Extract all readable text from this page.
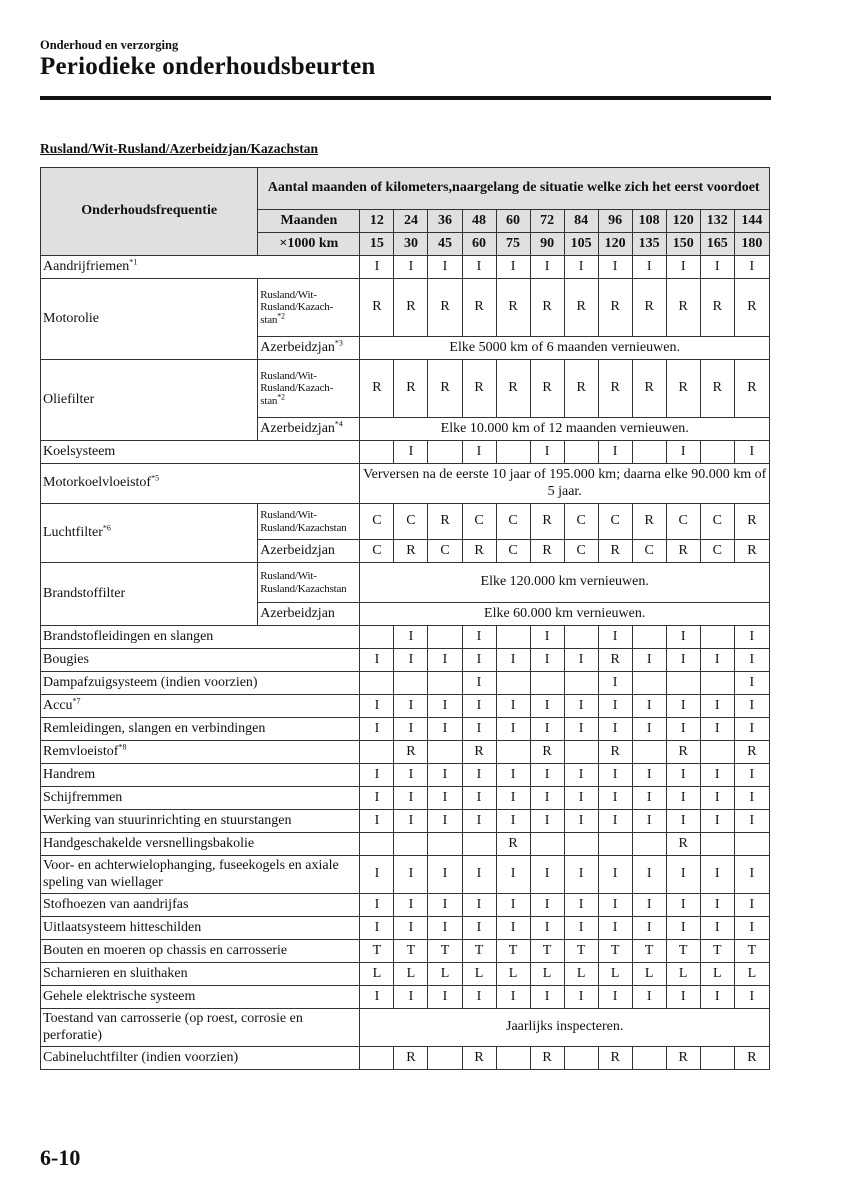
Onderhoud en verzorging
Periodieke onderhoudsbeurten
Rusland/Wit-Rusland/Azerbeidzjan/Kazachstan
Onderhoudsfrequentie	Aantal maanden of kilometers,naargelang de situatie welke zich het eerst voordoet												
	Maanden	12	24	36	48	60	72	84	96	108	120	132	144
	×1000 km	15	30	45	60	75	90	105	120	135	150	165	180
Aandrijfriemen$^{*1}$		I	I	I	I	I	I	I	I	I	I	I	I
Motorolie	Rusland/Wit-Rusland/Kazach-stan$^{*2}$	R	R	R	R	R	R	R	R	R	R	R	R
	Azerbeidzjan$^{*3}$	Elke 5000 km of 6 maanden vernieuwen.											
Oliefilter	Rusland/Wit-Rusland/Kazach-stan$^{*2}$	R	R	R	R	R	R	R	R	R	R	R	R
	Azerbeidzjan$^{*4}$	Elke 10.000 km of 12 maanden vernieuwen.											
Koelsysteem			I		I		I		I		I		I
Motorkoelvloeistof$^{*5}$		Verversen na de eerste 10 jaar of 195.000 km; daarna elke 90.000 km of 5 jaar.											
Luchtfilter$^{*6}$	Rusland/Wit-Rusland/Kazachstan	C	C	R	C	C	R	C	C	R	C	C	R
	Azerbeidzjan	C	R	C	R	C	R	C	R	C	R	C	R
Brandstoffilter	Rusland/Wit-Rusland/Kazachstan	Elke 120.000 km vernieuwen.											
	Azerbeidzjan	Elke 60.000 km vernieuwen.											
Brandstofleidingen en slangen			I		I		I		I		I		I
Bougies		I	I	I	I	I	I	I	R	I	I	I	I
Dampafzuigsysteem (indien voorzien)					I				I				I
Accu$^{*7}$		I	I	I	I	I	I	I	I	I	I	I	I
Remleidingen, slangen en verbindingen		I	I	I	I	I	I	I	I	I	I	I	I
Remvloeistof$^{*8}$			R		R		R		R		R		R
Handrem		I	I	I	I	I	I	I	I	I	I	I	I
Schijfremmen		I	I	I	I	I	I	I	I	I	I	I	I
Werking van stuurinrichting en stuurstangen		I	I	I	I	I	I	I	I	I	I	I	I
Handgeschakelde versnellingsbakolie						R					R		
Voor- en achterwielophanging, fuseekogels en axiale speling van wiellager		I	I	I	I	I	I	I	I	I	I	I	I
Stofhoezen van aandrijfas		I	I	I	I	I	I	I	I	I	I	I	I
Uitlaatsysteem hitteschilden		I	I	I	I	I	I	I	I	I	I	I	I
Bouten en moeren op chassis en carrosserie		T	T	T	T	T	T	T	T	T	T	T	T
Scharnieren en sluithaken		L	L	L	L	L	L	L	L	L	L	L	L
Gehele elektrische systeem		I	I	I	I	I	I	I	I	I	I	I	I
Toestand van carrosserie (op roest, corrosie en perforatie)		Jaarlijks inspecteren.											
Cabineluchtfilter (indien voorzien)			R		R		R		R		R		R
6-10
